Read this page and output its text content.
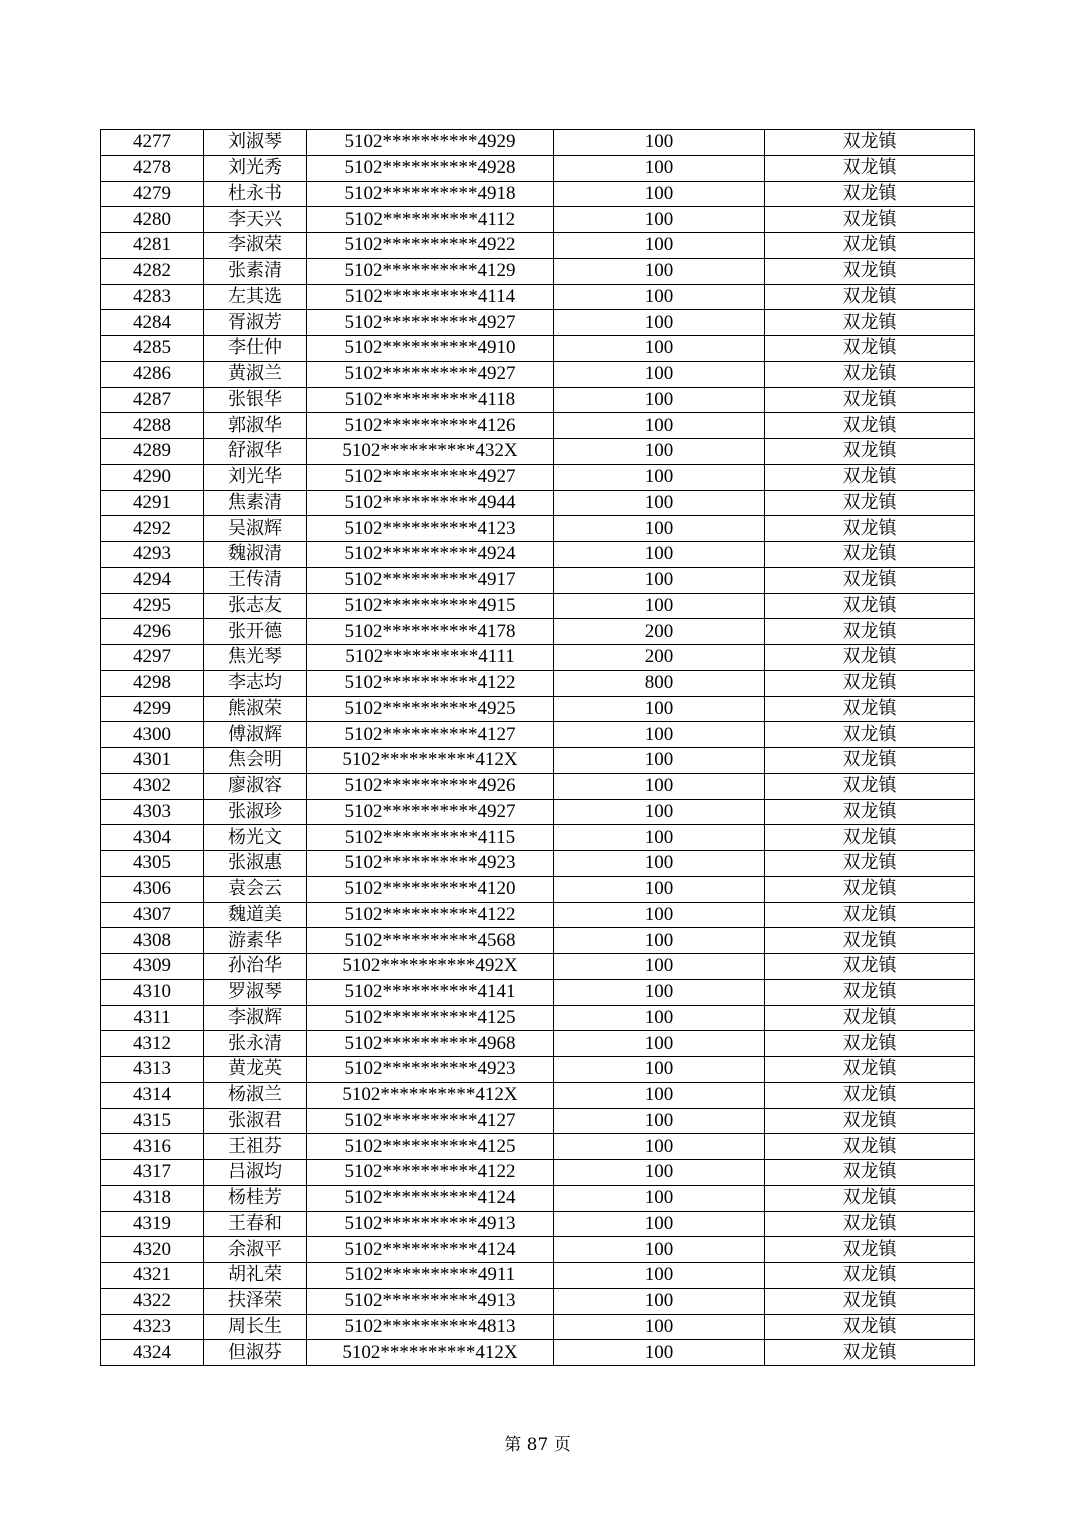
4277	刘淑琴	5102**********4929	100	双龙镇
4278	刘光秀	5102**********4928	100	双龙镇
4279	杜永书	5102**********4918	100	双龙镇
4280	李天兴	5102**********4112	100	双龙镇
4281	李淑荣	5102**********4922	100	双龙镇
4282	张素清	5102**********4129	100	双龙镇
4283	左其选	5102**********4114	100	双龙镇
4284	胥淑芳	5102**********4927	100	双龙镇
4285	李仕仲	5102**********4910	100	双龙镇
4286	黄淑兰	5102**********4927	100	双龙镇
4287	张银华	5102**********4118	100	双龙镇
4288	郭淑华	5102**********4126	100	双龙镇
4289	舒淑华	5102**********432X	100	双龙镇
4290	刘光华	5102**********4927	100	双龙镇
4291	焦素清	5102**********4944	100	双龙镇
4292	吴淑辉	5102**********4123	100	双龙镇
4293	魏淑清	5102**********4924	100	双龙镇
4294	王传清	5102**********4917	100	双龙镇
4295	张志友	5102**********4915	100	双龙镇
4296	张开德	5102**********4178	200	双龙镇
4297	焦光琴	5102**********4111	200	双龙镇
4298	李志均	5102**********4122	800	双龙镇
4299	熊淑荣	5102**********4925	100	双龙镇
4300	傅淑辉	5102**********4127	100	双龙镇
4301	焦会明	5102**********412X	100	双龙镇
4302	廖淑容	5102**********4926	100	双龙镇
4303	张淑珍	5102**********4927	100	双龙镇
4304	杨光文	5102**********4115	100	双龙镇
4305	张淑惠	5102**********4923	100	双龙镇
4306	袁会云	5102**********4120	100	双龙镇
4307	魏道美	5102**********4122	100	双龙镇
4308	游素华	5102**********4568	100	双龙镇
4309	孙治华	5102**********492X	100	双龙镇
4310	罗淑琴	5102**********4141	100	双龙镇
4311	李淑辉	5102**********4125	100	双龙镇
4312	张永清	5102**********4968	100	双龙镇
4313	黄龙英	5102**********4923	100	双龙镇
4314	杨淑兰	5102**********412X	100	双龙镇
4315	张淑君	5102**********4127	100	双龙镇
4316	王祖芬	5102**********4125	100	双龙镇
4317	吕淑均	5102**********4122	100	双龙镇
4318	杨桂芳	5102**********4124	100	双龙镇
4319	王春和	5102**********4913	100	双龙镇
4320	余淑平	5102**********4124	100	双龙镇
4321	胡礼荣	5102**********4911	100	双龙镇
4322	扶泽荣	5102**********4913	100	双龙镇
4323	周长生	5102**********4813	100	双龙镇
4324	但淑芬	5102**********412X	100	双龙镇
第 87 页
